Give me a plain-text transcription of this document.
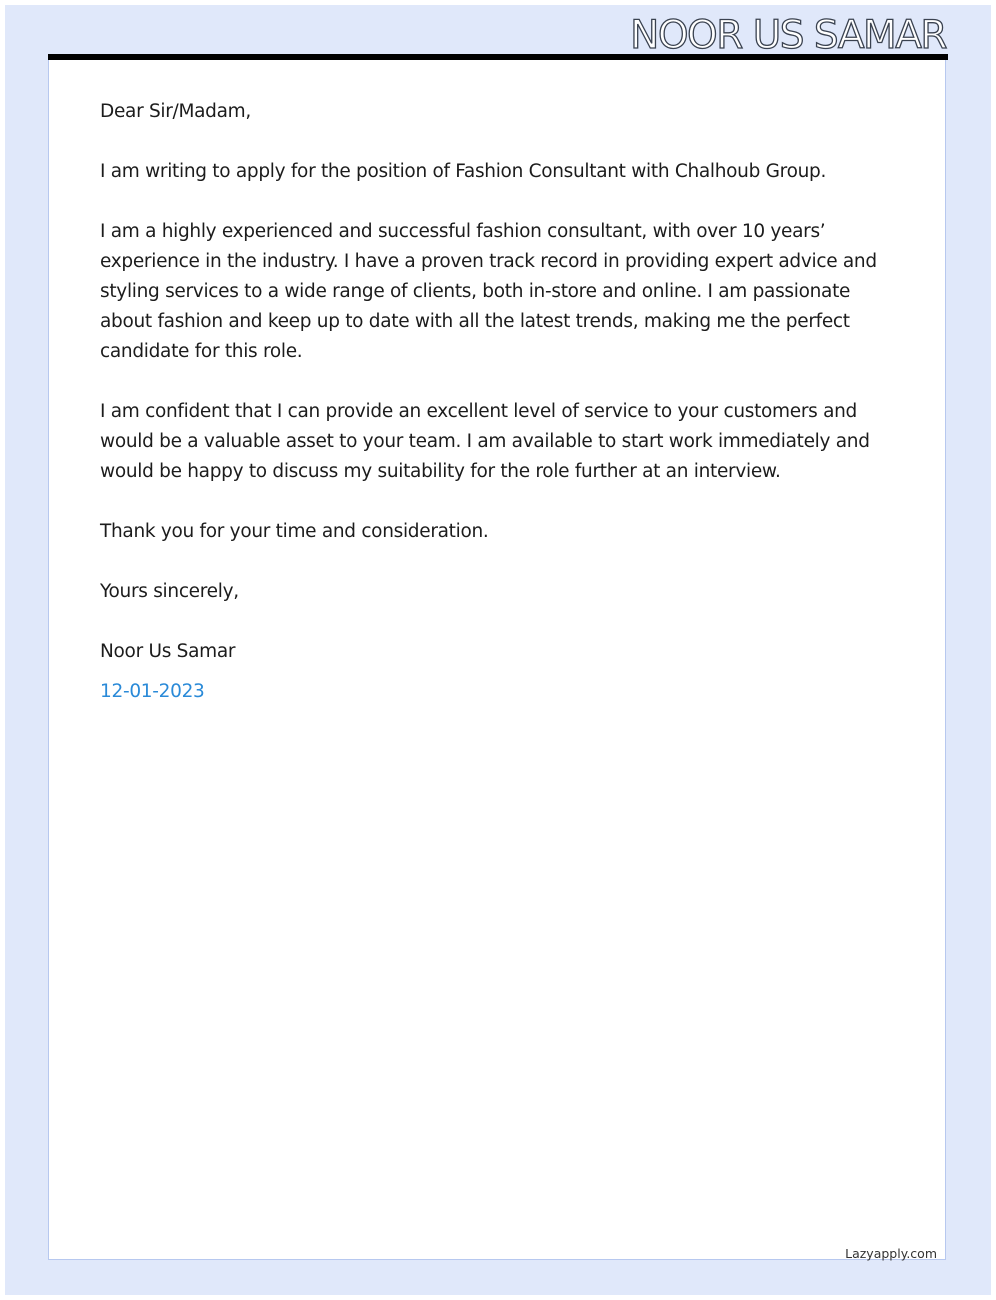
NOOR US SAMAR

Dear Sir/Madam,

I am writing to apply for the position of Fashion Consultant with Chalhoub Group.

I am a highly experienced and successful fashion consultant, with over 10 years’ experience in the industry. I have a proven track record in providing expert advice and styling services to a wide range of clients, both in-store and online. I am passionate about fashion and keep up to date with all the latest trends, making me the perfect candidate for this role.

I am confident that I can provide an excellent level of service to your customers and would be a valuable asset to your team. I am available to start work immediately and would be happy to discuss my suitability for the role further at an interview.

Thank you for your time and consideration.

Yours sincerely,

Noor Us Samar

12-01-2023

Lazyapply.com
